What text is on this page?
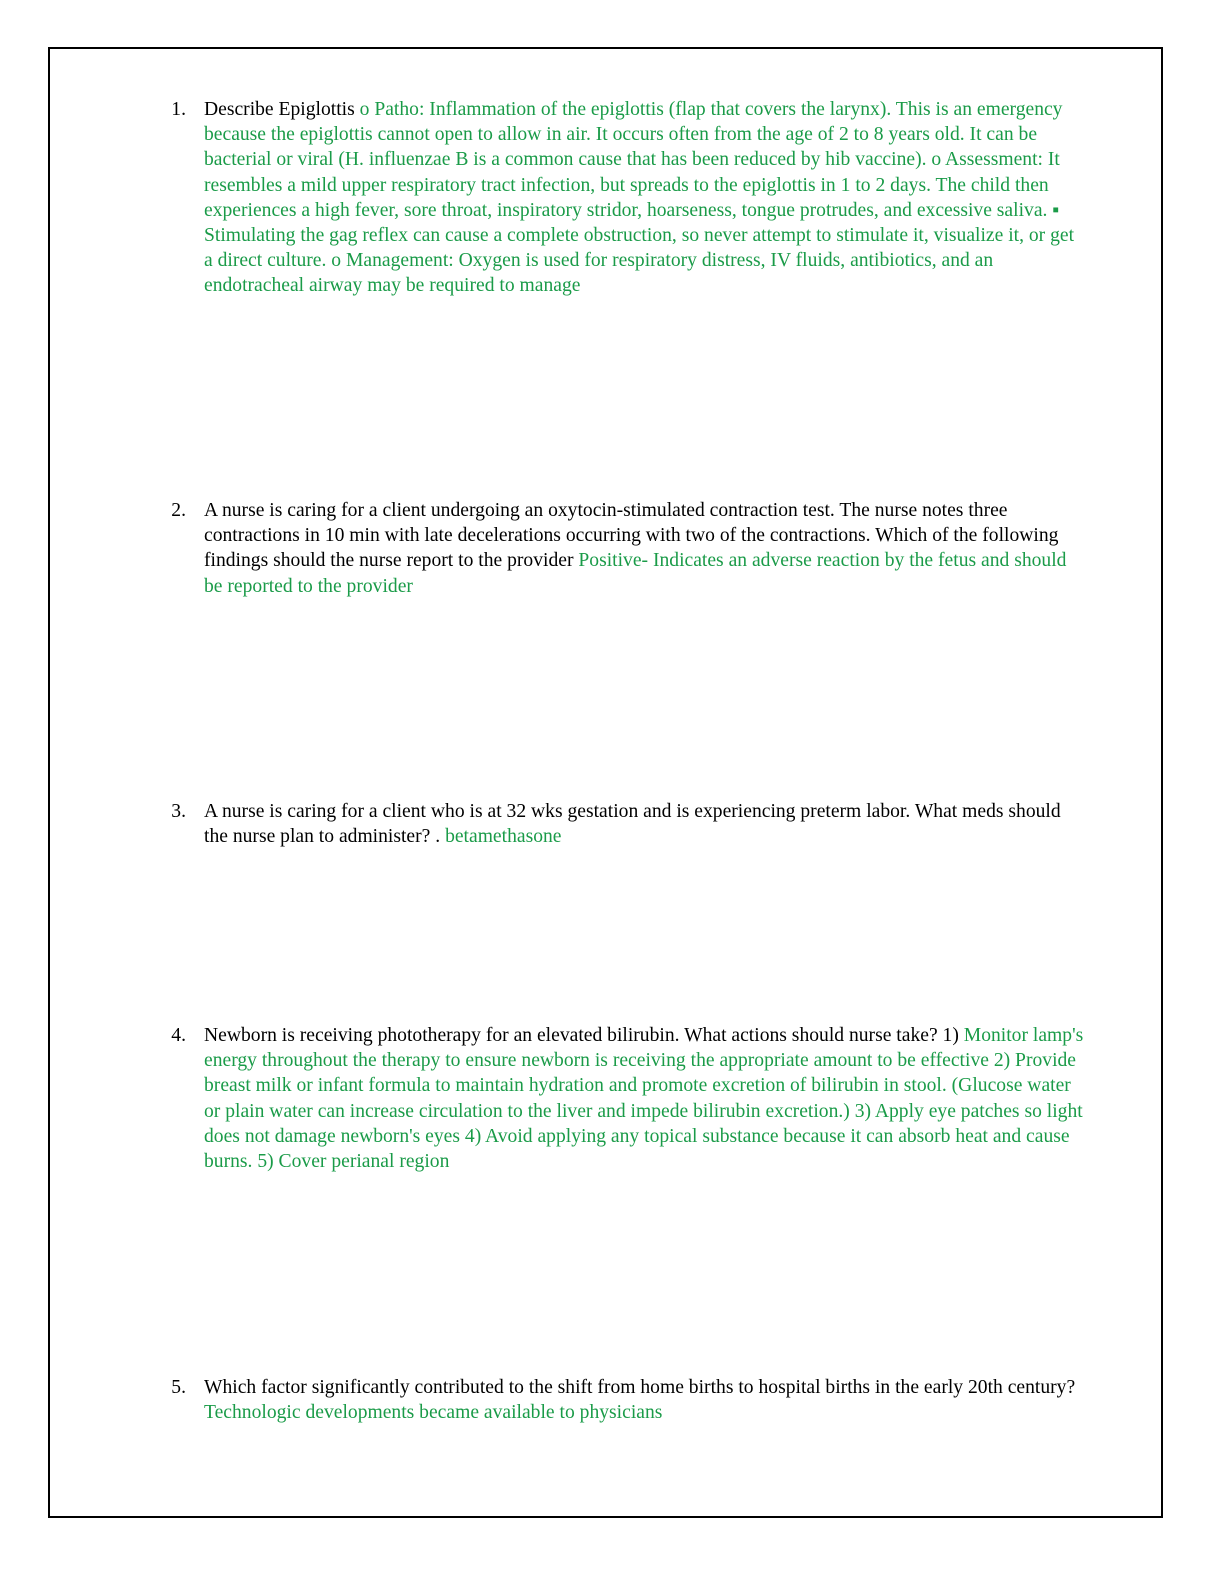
1. Describe Epiglottis o Patho: Inflammation of the epiglottis (flap that covers the larynx). This is an emergency because the epiglottis cannot open to allow in air. It occurs often from the age of 2 to 8 years old. It can be bacterial or viral (H. influenzae B is a common cause that has been reduced by hib vaccine). o Assessment: It resembles a mild upper respiratory tract infection, but spreads to the epiglottis in 1 to 2 days. The child then experiences a high fever, sore throat, inspiratory stridor, hoarseness, tongue protrudes, and excessive saliva. ▪ Stimulating the gag reflex can cause a complete obstruction, so never attempt to stimulate it, visualize it, or get a direct culture. o Management: Oxygen is used for respiratory distress, IV fluids, antibiotics, and an endotracheal airway may be required to manage
2. A nurse is caring for a client undergoing an oxytocin-stimulated contraction test. The nurse notes three contractions in 10 min with late decelerations occurring with two of the contractions. Which of the following findings should the nurse report to the provider Positive- Indicates an adverse reaction by the fetus and should be reported to the provider
3. A nurse is caring for a client who is at 32 wks gestation and is experiencing preterm labor. What meds should the nurse plan to administer? . betamethasone
4. Newborn is receiving phototherapy for an elevated bilirubin. What actions should nurse take? 1) Monitor lamp's energy throughout the therapy to ensure newborn is receiving the appropriate amount to be effective 2) Provide breast milk or infant formula to maintain hydration and promote excretion of bilirubin in stool. (Glucose water or plain water can increase circulation to the liver and impede bilirubin excretion.) 3) Apply eye patches so light does not damage newborn's eyes 4) Avoid applying any topical substance because it can absorb heat and cause burns. 5) Cover perianal region
5. Which factor significantly contributed to the shift from home births to hospital births in the early 20th century? Technologic developments became available to physicians
